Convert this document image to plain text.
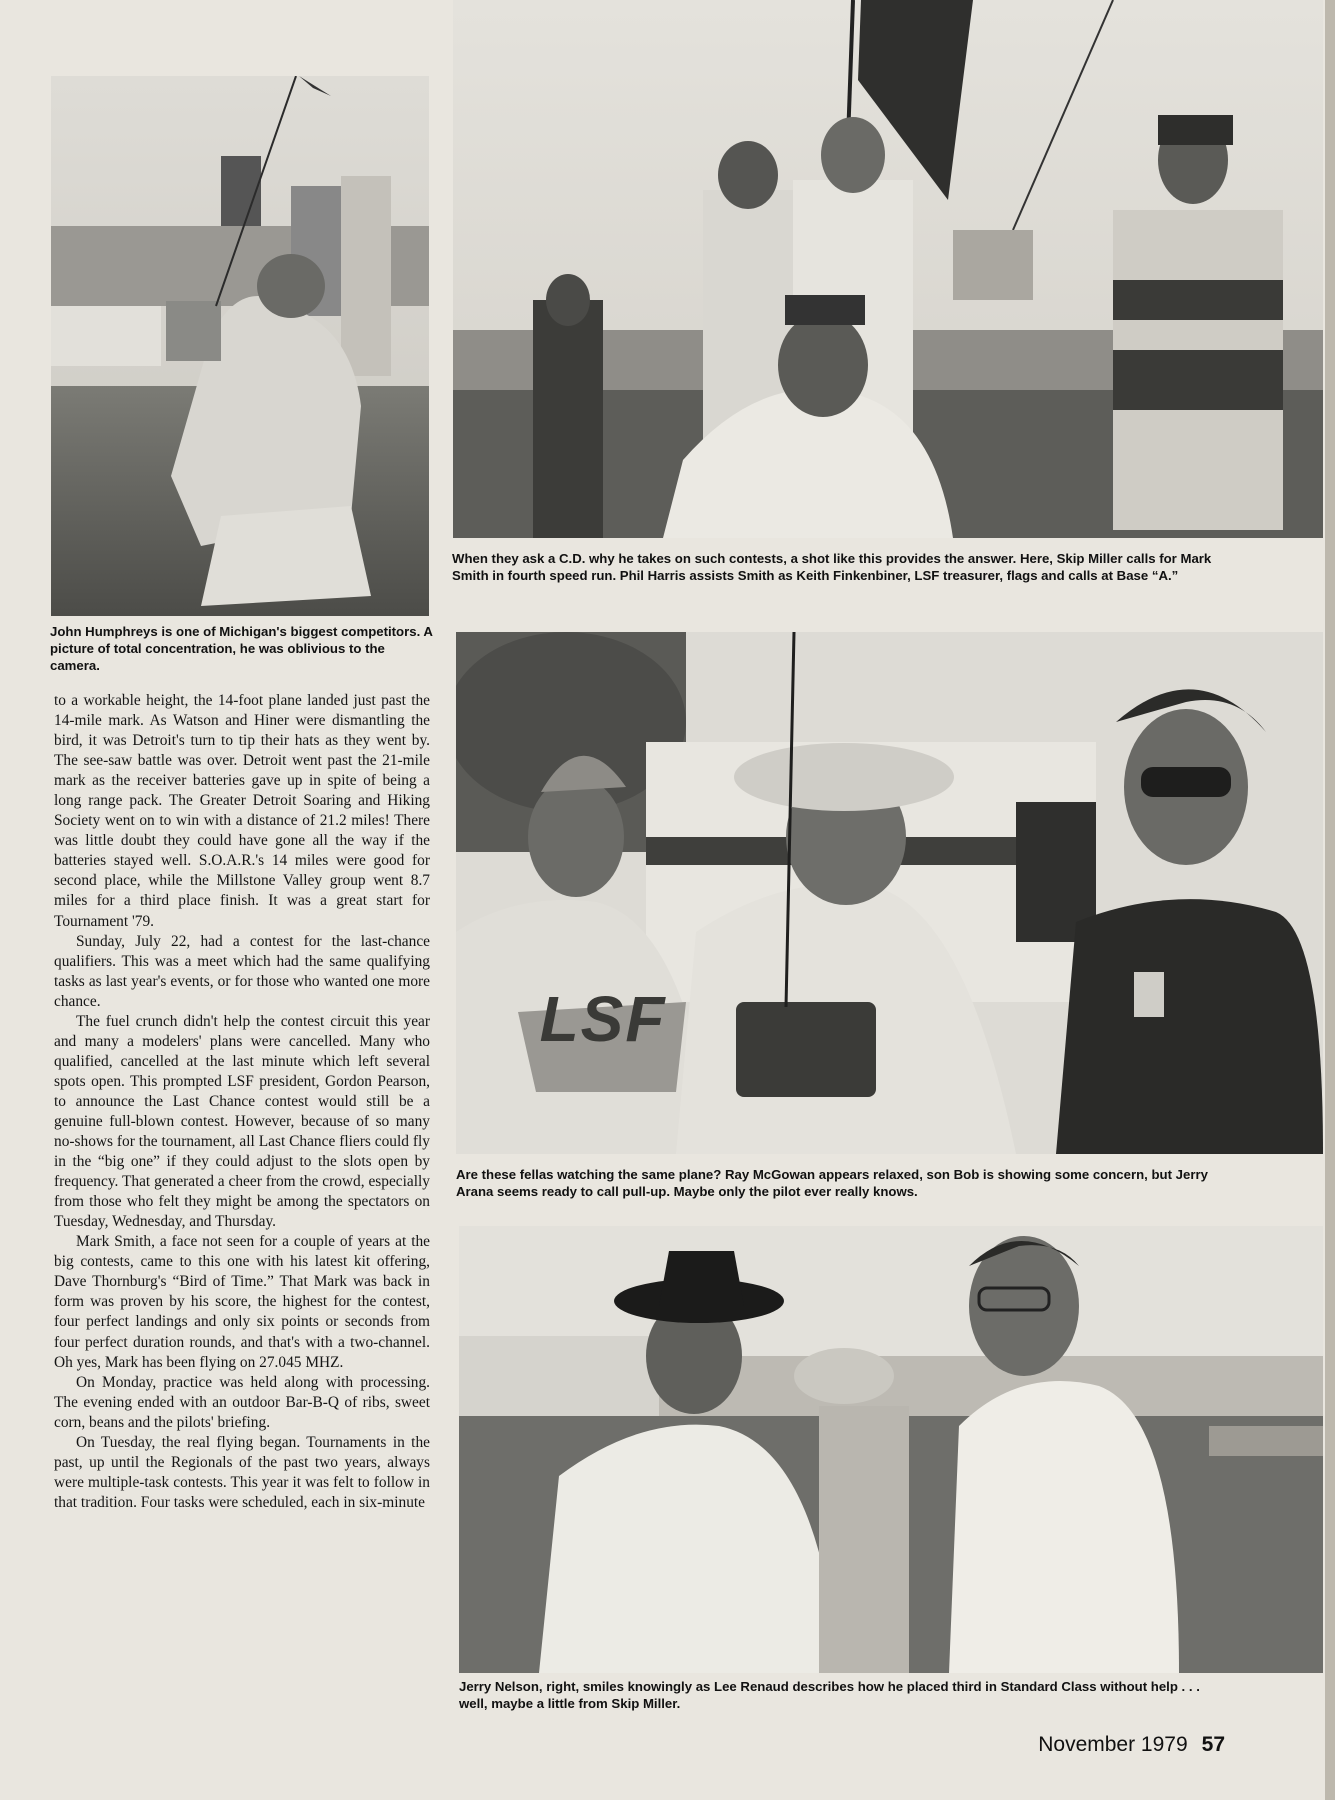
John Humphreys is one of Michigan's biggest competitors. A picture of total concentration, he was oblivious to the camera.

When they ask a C.D. why he takes on such contests, a shot like this provides the answer. Here, Skip Miller calls for Mark Smith in fourth speed run. Phil Harris assists Smith as Keith Finkenbiner, LSF treasurer, flags and calls at Base “A.”

LSF

Are these fellas watching the same plane? Ray McGowan appears relaxed, son Bob is showing some concern, but Jerry Arana seems ready to call pull-up. Maybe only the pilot ever really knows.

Jerry Nelson, right, smiles knowingly as Lee Renaud describes how he placed third in Standard Class without help . . . well, maybe a little from Skip Miller.

to a workable height, the 14-foot plane landed just past the 14-mile mark. As Watson and Hiner were dismantling the bird, it was Detroit's turn to tip their hats as they went by. The see-saw battle was over. Detroit went past the 21-mile mark as the receiver batteries gave up in spite of being a long range pack. The Greater Detroit Soaring and Hiking Society went on to win with a distance of 21.2 miles! There was little doubt they could have gone all the way if the batteries stayed well. S.O.A.R.'s 14 miles were good for second place, while the Millstone Valley group went 8.7 miles for a third place finish. It was a great start for Tournament '79.

Sunday, July 22, had a contest for the last-chance qualifiers. This was a meet which had the same qualifying tasks as last year's events, or for those who wanted one more chance.

The fuel crunch didn't help the contest circuit this year and many a modelers' plans were cancelled. Many who qualified, cancelled at the last minute which left several spots open. This prompted LSF president, Gordon Pearson, to announce the Last Chance contest would still be a genuine full-blown contest. However, because of so many no-shows for the tournament, all Last Chance fliers could fly in the “big one” if they could adjust to the slots open by frequency. That generated a cheer from the crowd, especially from those who felt they might be among the spectators on Tuesday, Wednesday, and Thursday.

Mark Smith, a face not seen for a couple of years at the big contests, came to this one with his latest kit offering, Dave Thornburg's “Bird of Time.” That Mark was back in form was proven by his score, the highest for the contest, four perfect landings and only six points or seconds from four perfect duration rounds, and that's with a two-channel. Oh yes, Mark has been flying on 27.045 MHZ.

On Monday, practice was held along with processing. The evening ended with an outdoor Bar-B-Q of ribs, sweet corn, beans and the pilots' briefing.

On Tuesday, the real flying began. Tournaments in the past, up until the Regionals of the past two years, always were multiple-task contests. This year it was felt to follow in that tradition. Four tasks were scheduled, each in six-minute

November 1979 57
